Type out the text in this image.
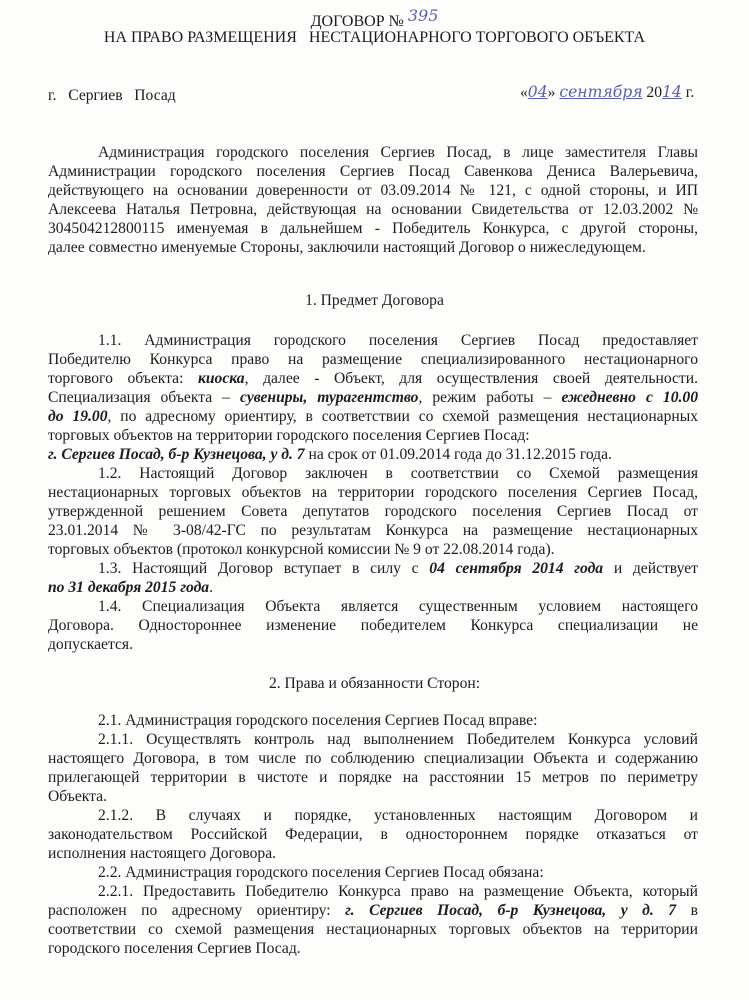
ДОГОВОР № 395
НА ПРАВО РАЗМЕЩЕНИЯ   НЕСТАЦИОНАРНОГО ТОРГОВОГО ОБЪЕКТА
г.   Сергиев   Посад	«04» сентября 2014 г.
Администрация городского поселения Сергиев Посад, в лице заместителя Главы
Администрации городского поселения Сергиев Посад Савенкова Дениса Валерьевича,
действующего на основании доверенности от 03.09.2014 № 121, с одной стороны, и ИП
Алексеева Наталья Петровна, действующая на основании Свидетельства от 12.03.2002 №
304504212800115 именуемая в дальнейшем - Победитель Конкурса, с другой стороны,
далее совместно именуемые Стороны, заключили настоящий Договор о нижеследующем.
1. Предмет Договора
1.1. Администрация городского поселения Сергиев Посад предоставляет
Победителю Конкурса право на размещение специализированного нестационарного
торгового объекта: киоска, далее - Объект, для осуществления своей деятельности.
Специализация объекта – сувениры, турагентство, режим работы – ежедневно с 10.00
до 19.00, по адресному ориентиру, в соответствии со схемой размещения нестационарных
торговых объектов на территории городского поселения Сергиев Посад:
г. Сергиев Посад, б-р Кузнецова, у д. 7 на срок от 01.09.2014 года до 31.12.2015 года.
1.2. Настоящий Договор заключен в соответствии со Схемой размещения
нестационарных торговых объектов на территории городского поселения Сергиев Посад,
утвержденной решением Совета депутатов городского поселения Сергиев Посад от
23.01.2014 № 3-08/42-ГС по результатам Конкурса на размещение нестационарных
торговых объектов (протокол конкурсной комиссии № 9 от 22.08.2014 года).
1.3. Настоящий Договор вступает в силу с 04 сентября 2014 года и действует
по 31 декабря 2015 года.
1.4. Специализация Объекта является существенным условием настоящего
Договора. Одностороннее изменение победителем Конкурса специализации не
допускается.
2. Права и обязанности Сторон:
2.1. Администрация городского поселения Сергиев Посад вправе:
2.1.1. Осуществлять контроль над выполнением Победителем Конкурса условий
настоящего Договора, в том числе по соблюдению специализации Объекта и содержанию
прилегающей территории в чистоте и порядке на расстоянии 15 метров по периметру
Объекта.
2.1.2. В случаях и порядке, установленных настоящим Договором и
законодательством Российской Федерации, в одностороннем порядке отказаться от
исполнения настоящего Договора.
2.2. Администрация городского поселения Сергиев Посад обязана:
2.2.1. Предоставить Победителю Конкурса право на размещение Объекта, который
расположен по адресному ориентиру: г. Сергиев Посад, б-р Кузнецова, у д. 7 в
соответствии со схемой размещения нестационарных торговых объектов на территории
городского поселения Сергиев Посад.
